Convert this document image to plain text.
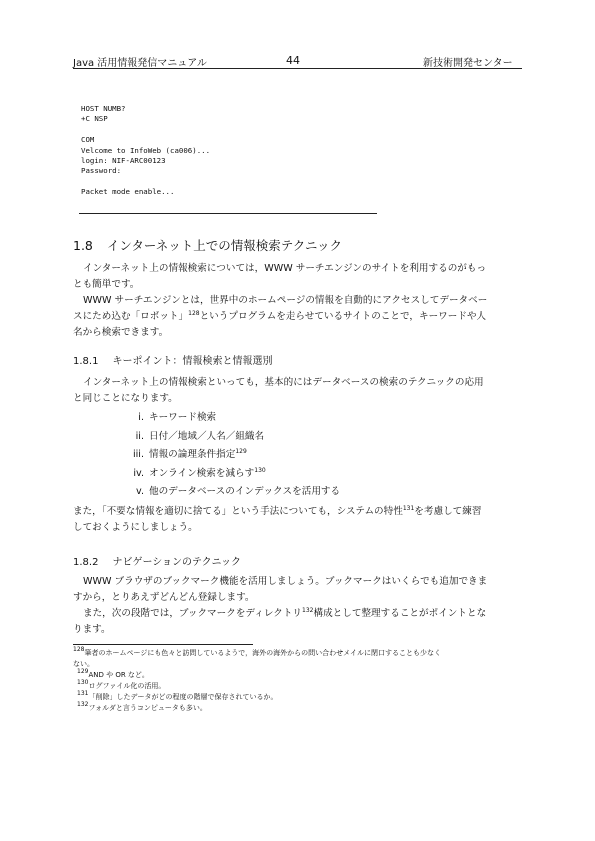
Java 活用情報発信マニュアル	44	新技術開発センター
HOST NUMB?
+C NSP

COM
Velcome to InfoWeb (ca006)...
login: NIF-ARC00123
Password:

Packet mode enable...
1.8 インターネット上での情報検索テクニック
インターネット上の情報検索については，WWW サーチエンジンのサイトを利用するのがもっ
とも簡単です。
WWW サーチエンジンとは，世界中のホームページの情報を自動的にアクセスしてデータベー
スにため込む「ロボット」$^{128}$というプログラムを走らせているサイトのことで，キーワードや人
名から検索できます。
1.8.1 キーポイント：情報検索と情報選別
インターネット上の情報検索といっても，基本的にはデータベースの検索のテクニックの応用
と同じことになります。
i. キーワード検索
ii. 日付／地域／人名／組織名
iii. 情報の論理条件指定$^{129}$
iv. オンライン検索を減らす$^{130}$
v. 他のデータベースのインデックスを活用する
また，「不要な情報を適切に捨てる」という手法についても，システムの特性$^{131}$を考慮して練習
しておくようにしましょう。
1.8.2 ナビゲーションのテクニック
WWW ブラウザのブックマーク機能を活用しましょう。ブックマークはいくらでも追加できま
すから，とりあえずどんどん登録します。
また，次の段階では，ブックマークをディレクトリ$^{132}$構成として整理することがポイントとな
ります。
$^{128}$筆者のホームページにも色々と訪問しているようで，海外の海外からの問い合わせメイルに閉口することも少なく
ない。
$^{129}$AND や OR など。
$^{130}$ログファイル化の活用。
$^{131}$「削除」したデータがどの程度の階層で保存されているか。
$^{132}$フォルダと言うコンピュータも多い。
